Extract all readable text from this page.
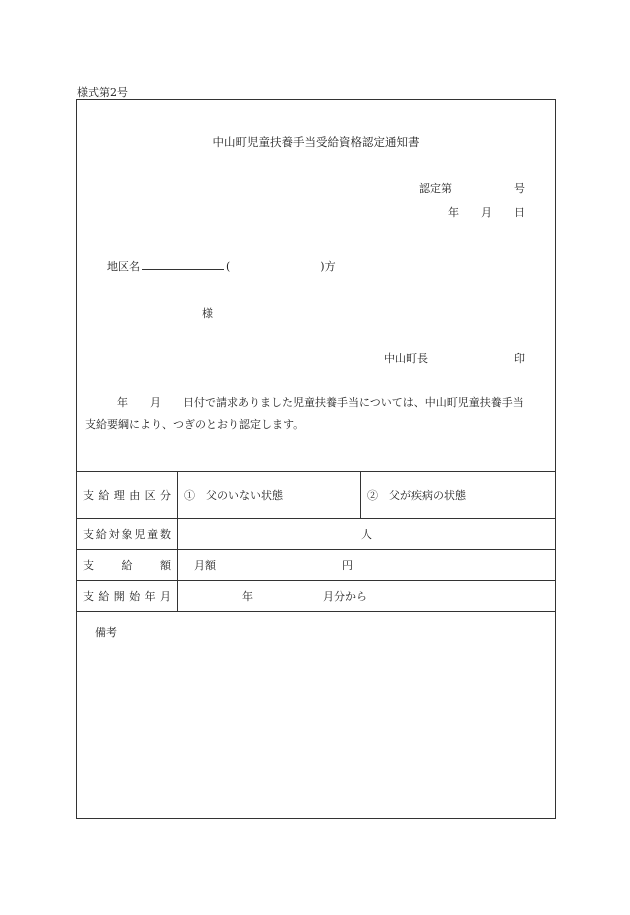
様式第2号
中山町児童扶養手当受給資格認定通知書
認定第	号
年 月 日
地区名	(	)方
様
中山町長	印
年 月 日付で請求ありました児童扶養手当については、中山町児童扶養手当
支給要綱により、つぎのとおり認定します。
支給理由区分	①　父のいない状態	②　父が疾病の状態
支給対象児童数	人	
支　給　額	月額 円	
支給開始年月	年 月分から	
備考
